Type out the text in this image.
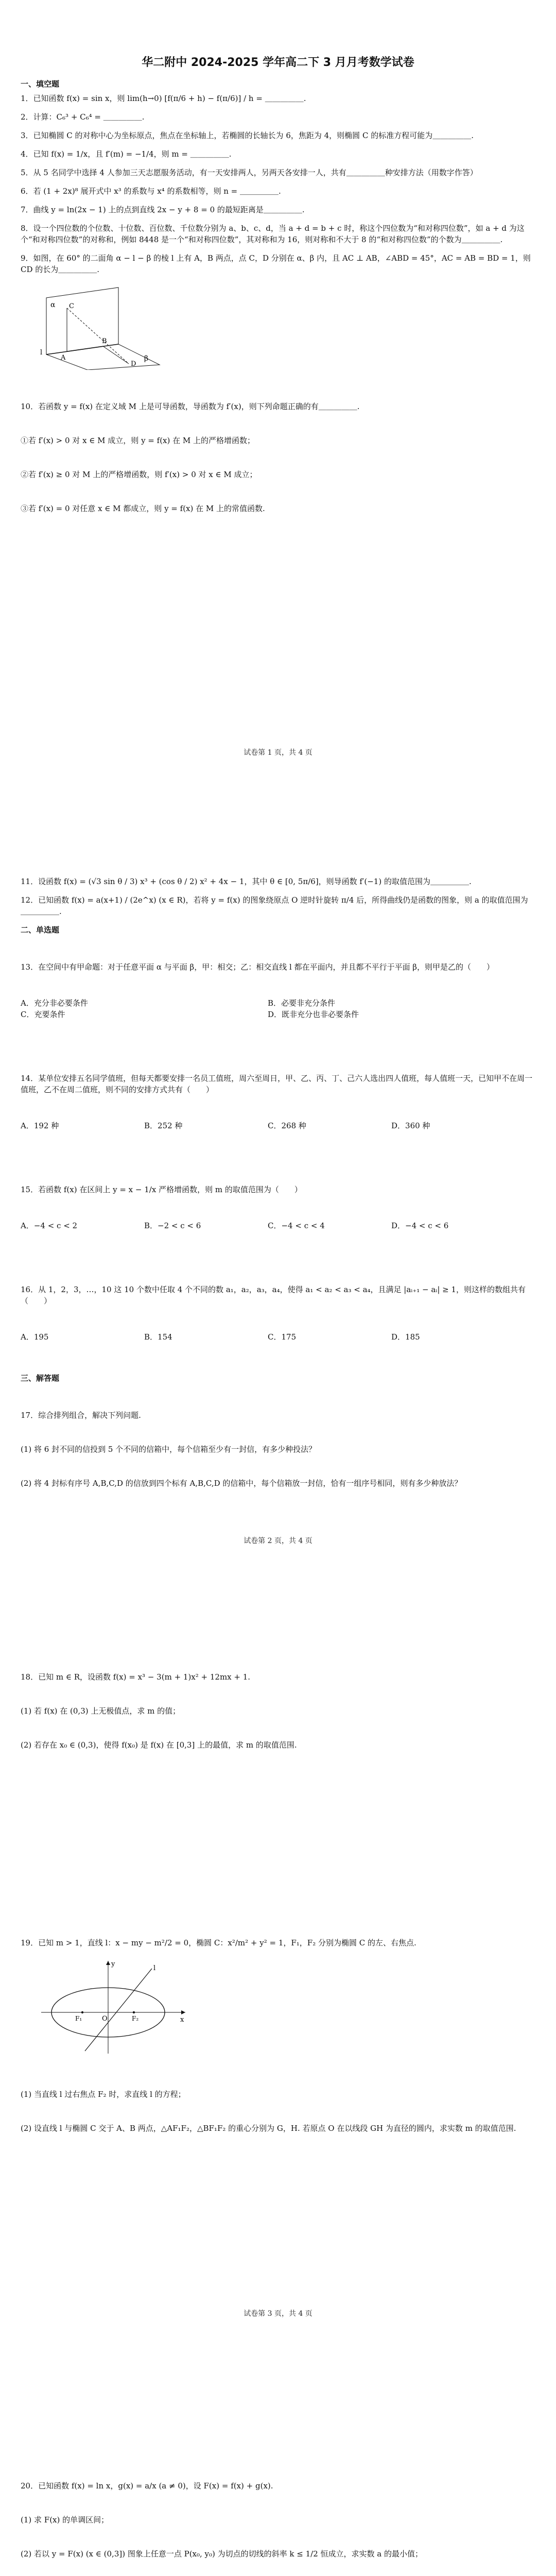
华二附中 2024-2025 学年高二下 3 月月考数学试卷
一、填空题
1．已知函数 f(x) = sin x，则 lim(h→0) [f(π/6 + h) − f(π/6)] / h = ＿＿＿＿＿.
2．计算：C₆³ + C₆⁴ = ＿＿＿＿＿.
3．已知椭圆 C 的对称中心为坐标原点，焦点在坐标轴上，若椭圆的长轴长为 6，焦距为 4，则椭圆 C 的标准方程可能为＿＿＿＿＿.
4．已知 f(x) = 1/x，且 f′(m) = −1/4，则 m = ＿＿＿＿＿.
5．从 5 名同学中选择 4 人参加三天志愿服务活动，有一天安排两人，另两天各安排一人，共有＿＿＿＿＿种安排方法（用数字作答）
6．若 (1 + 2x)⁸ 展开式中 x³ 的系数与 x⁴ 的系数相等，则 n = ＿＿＿＿＿.
7．曲线 y = ln(2x − 1) 上的点到直线 2x − y + 8 = 0 的最短距离是＿＿＿＿＿.
8．设一个四位数的个位数、十位数、百位数、千位数分别为 a、b、c、d，当 a + d = b + c 时，称这个四位数为“和对称四位数”，如 a + d 为这个“和对称四位数”的对称和，例如 8448 是一个“和对称四位数”，其对称和为 16，则对称和不大于 8 的“和对称四位数”的个数为＿＿＿＿＿.
9．如图，在 60° 的二面角 α − l − β 的棱 l 上有 A，B 两点，点 C，D 分别在 α、β 内，且 AC ⊥ AB，∠ABD = 45°，AC = AB = BD = 1，则 CD 的长为＿＿＿＿＿.
α
β
A
B
C
D
l

10．若函数 y = f(x) 在定义域 M 上是可导函数，导函数为 f′(x)，则下列命题正确的有＿＿＿＿＿.

①若 f′(x) > 0 对 x ∈ M 成立，则 y = f(x) 在 M 上的严格增函数；

②若 f′(x) ≥ 0 对 M 上的严格增函数，则 f′(x) > 0 对 x ∈ M 成立；

③若 f′(x) = 0 对任意 x ∈ M 都成立，则 y = f(x) 在 M 上的常值函数.

试卷第 1 页，共 4 页
11．设函数 f(x) = (√3 sin θ / 3) x³ + (cos θ / 2) x² + 4x − 1，其中 θ ∈ [0, 5π/6]，则导函数 f′(−1) 的取值范围为＿＿＿＿＿.
12．已知函数 f(x) = a(x+1) / (2e^x) (x ∈ R)，若将 y = f(x) 的图象绕原点 O 逆时针旋转 π/4 后，所得曲线仍是函数的图象，则 a 的取值范围为＿＿＿＿＿.
二、单选题

13．在空间中有甲命题：对于任意平面 α 与平面 β，甲：相交；乙：相交直线 l 都在平面内，并且都不平行于平面 β，则甲是乙的（　　）

A．充分非必要条件	B．必要非充分条件
C．充要条件	D．既非充分也非必要条件

14．某单位安排五名同学值班，但每天都要安排一名员工值班，周六至周日，甲、乙、丙、丁、己六人选出四人值班，每人值班一天，已知甲不在周一值班，乙不在周二值班，则不同的安排方式共有（　　）

A．192 种	B．252 种	C．268 种	D．360 种

15．若函数 f(x) 在区间上 y = x − 1/x 严格增函数，则 m 的取值范围为（　　）

A．−4 < c < 2	B．−2 < c < 6	C．−4 < c < 4	D．−4 < c < 6

16．从 1，2，3，…，10 这 10 个数中任取 4 个不同的数 a₁，a₂，a₃，a₄，使得 a₁ < a₂ < a₃ < a₄，且满足 |aᵢ₊₁ − aᵢ| ≥ 1，则这样的数组共有（　　）

A．195	B．154	C．175	D．185

三、解答题

17．综合排列组合，解决下列问题.

(1) 将 6 封不同的信投到 5 个不同的信箱中，每个信箱至少有一封信，有多少种投法？

(2) 将 4 封标有序号 A,B,C,D 的信放到四个标有 A,B,C,D 的信箱中，每个信箱放一封信，恰有一组序号相同，则有多少种放法？

试卷第 2 页，共 4 页

18．已知 m ∈ R，设函数 f(x) = x³ − 3(m + 1)x² + 12mx + 1.

(1) 若 f(x) 在 (0,3) 上无极值点，求 m 的值；

(2) 若存在 x₀ ∈ (0,3)，使得 f(x₀) 是 f(x) 在 [0,3] 上的最值，求 m 的取值范围.

19．已知 m > 1，直线 l：x − my − m²/2 = 0，椭圆 C：x²/m² + y² = 1，F₁，F₂ 分别为椭圆 C 的左、右焦点.
y
x
O
F₁	F₂
l

(1) 当直线 l 过右焦点 F₂ 时，求直线 l 的方程；

(2) 设直线 l 与椭圆 C 交于 A、B 两点，△AF₁F₂，△BF₁F₂ 的重心分别为 G，H. 若原点 O 在以线段 GH 为直径的圆内，求实数 m 的取值范围.

试卷第 3 页，共 4 页

20．已知函数 f(x) = ln x，g(x) = a/x (a ≠ 0)，设 F(x) = f(x) + g(x).

(1) 求 F(x) 的单调区间；

(2) 若以 y = F(x) (x ∈ (0,3]) 图象上任意一点 P(x₀, y₀) 为切点的切线的斜率 k ≤ 1/2 恒成立，求实数 a 的最小值；
